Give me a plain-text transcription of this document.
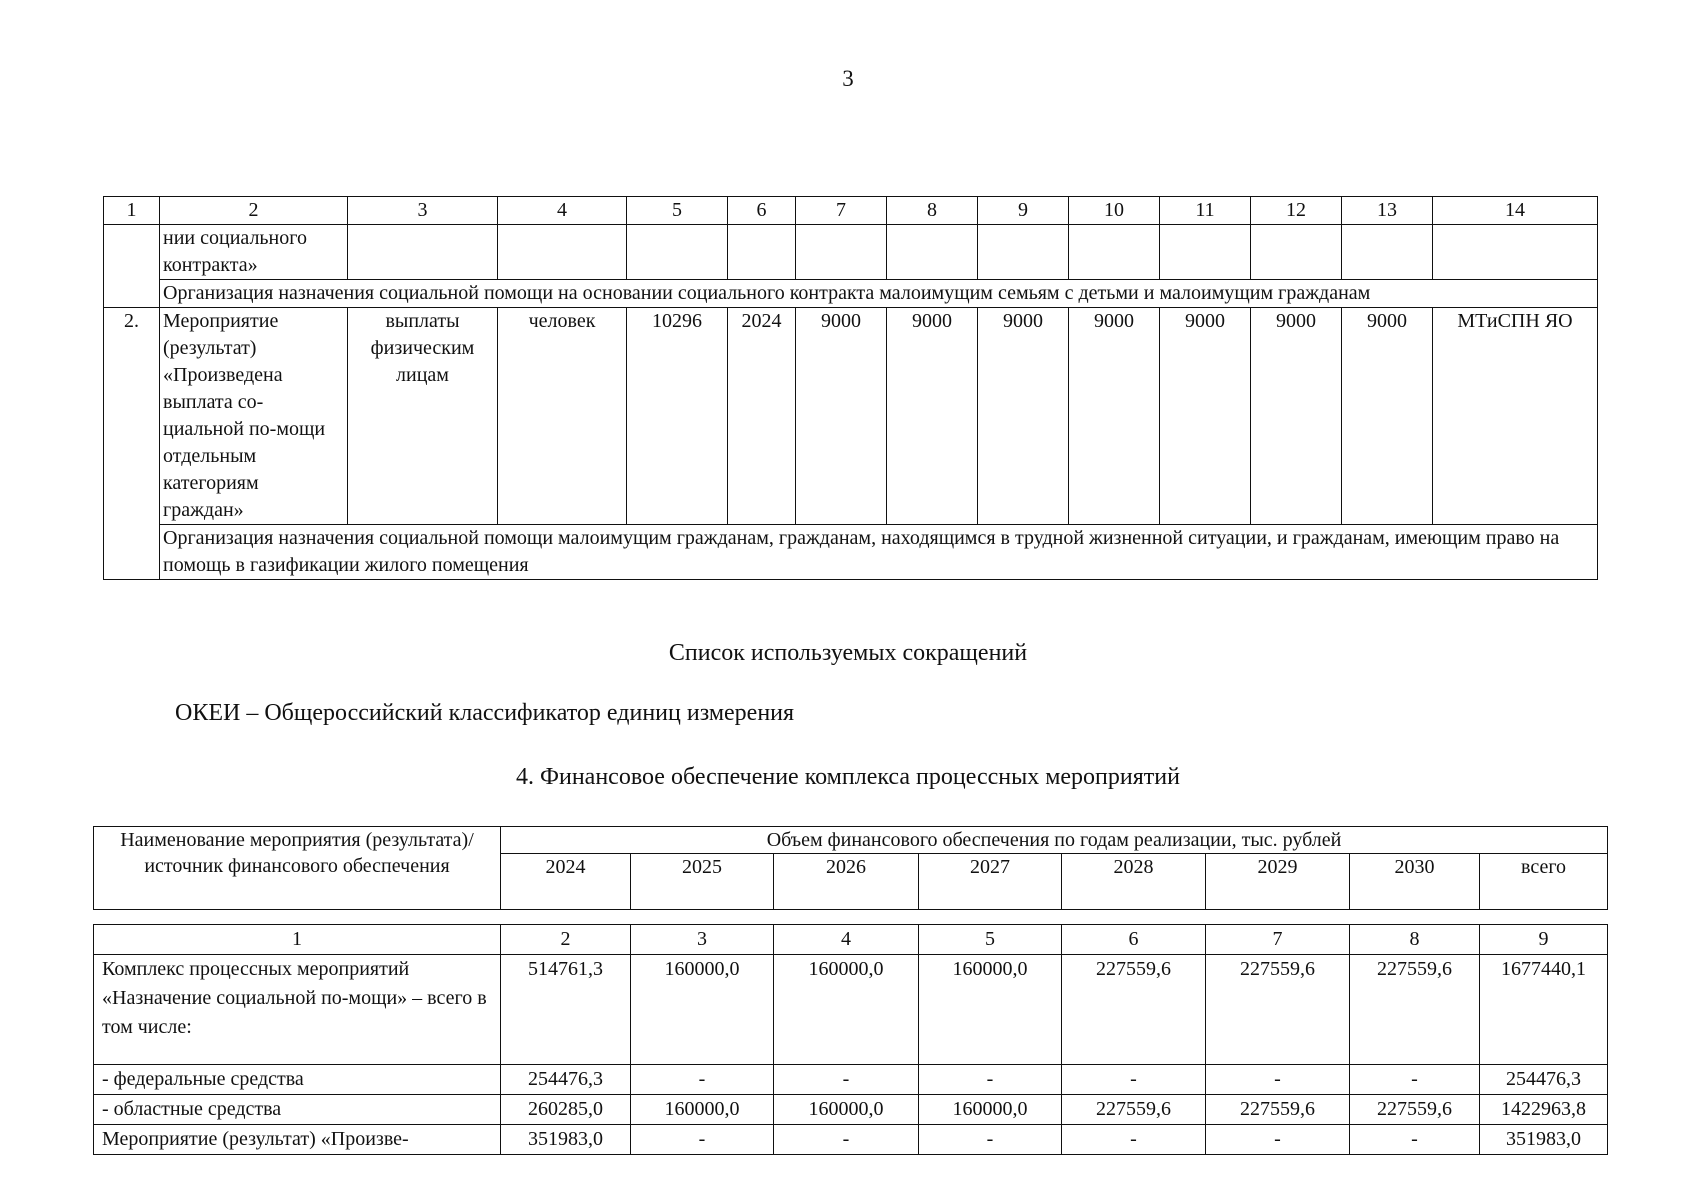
3
1	2	3	4	5	6	7	8	9	10	11	12	13	14
	нии социального контракта»												
	Организация назначения социальной помощи на основании социального контракта малоимущим семьям с детьми и малоимущим гражданам												
2.	Мероприятие (результат) «Произведена выплата со-циальной по-мощи отдельным категориям граждан»	выплаты физическим лицам	человек	10296	2024	9000	9000	9000	9000	9000	9000	9000	МТиСПН ЯО
	Организация назначения социальной помощи малоимущим гражданам, гражданам, находящимся в трудной жизненной ситуации, и гражданам, имеющим право на помощь в газификации жилого помещения												
Список используемых сокращений
ОКЕИ – Общероссийский классификатор единиц измерения
4. Финансовое обеспечение комплекса процессных мероприятий
Наименование мероприятия (результата)/ источник финансового обеспечения	Объем финансового обеспечения по годам реализации, тыс. рублей							
	2024	2025	2026	2027	2028	2029	2030	всего
1	2	3	4	5	6	7	8	9
Комплекс процессных мероприятий «Назначение социальной по-мощи» – всего в том числе:	514761,3	160000,0	160000,0	160000,0	227559,6	227559,6	227559,6	1677440,1
- федеральные средства	254476,3	-	-	-	-	-	-	254476,3
- областные средства	260285,0	160000,0	160000,0	160000,0	227559,6	227559,6	227559,6	1422963,8
Мероприятие (результат) «Произве-	351983,0	-	-	-	-	-	-	351983,0
